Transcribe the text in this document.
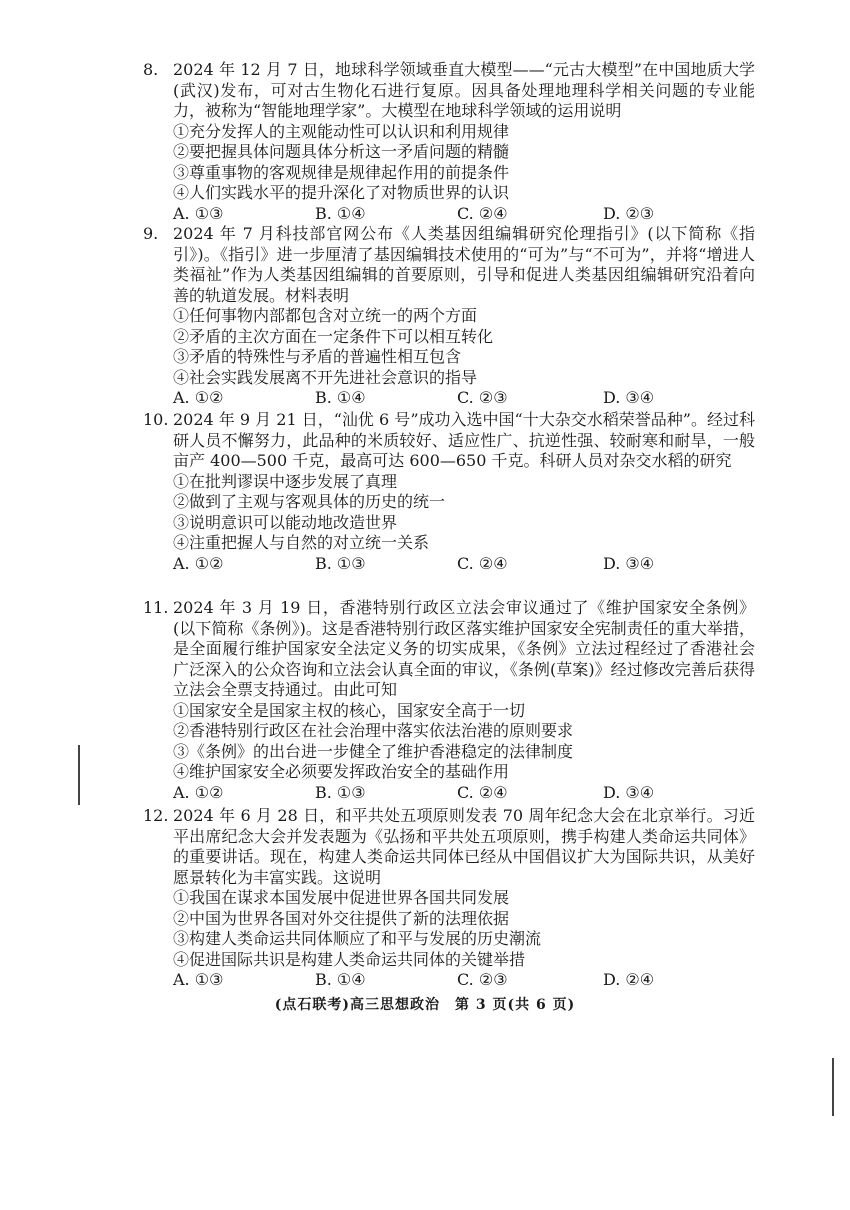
8. 2024 年 12 月 7 日，地球科学领域垂直大模型——“元古大模型”在中国地质大学(武汉)发布，可对古生物化石进行复原。因具备处理地理科学相关问题的专业能力，被称为“智能地理学家”。大模型在地球科学领域的运用说明
①充分发挥人的主观能动性可以认识和利用规律
②要把握具体问题具体分析这一矛盾问题的精髓
③尊重事物的客观规律是规律起作用的前提条件
④人们实践水平的提升深化了对物质世界的认识
A. ①③	B. ①④	C. ②④	D. ②③
9. 2024 年 7 月科技部官网公布《人类基因组编辑研究伦理指引》(以下简称《指引》)。《指引》进一步厘清了基因编辑技术使用的“可为”与“不可为”，并将“增进人类福祉”作为人类基因组编辑的首要原则，引导和促进人类基因组编辑研究沿着向善的轨道发展。材料表明
①任何事物内部都包含对立统一的两个方面
②矛盾的主次方面在一定条件下可以相互转化
③矛盾的特殊性与矛盾的普遍性相互包含
④社会实践发展离不开先进社会意识的指导
A. ①②	B. ①④	C. ②③	D. ③④
10. 2024 年 9 月 21 日，“汕优 6 号”成功入选中国“十大杂交水稻荣誉品种”。经过科研人员不懈努力，此品种的米质较好、适应性广、抗逆性强、较耐寒和耐旱，一般亩产 400—500 千克，最高可达 600—650 千克。科研人员对杂交水稻的研究
①在批判谬误中逐步发展了真理
②做到了主观与客观具体的历史的统一
③说明意识可以能动地改造世界
④注重把握人与自然的对立统一关系
A. ①②	B. ①③	C. ②④	D. ③④
11. 2024 年 3 月 19 日，香港特别行政区立法会审议通过了《维护国家安全条例》(以下简称《条例》)。这是香港特别行政区落实维护国家安全宪制责任的重大举措，是全面履行维护国家安全法定义务的切实成果，《条例》立法过程经过了香港社会广泛深入的公众咨询和立法会认真全面的审议，《条例(草案)》经过修改完善后获得立法会全票支持通过。由此可知
①国家安全是国家主权的核心，国家安全高于一切
②香港特别行政区在社会治理中落实依法治港的原则要求
③《条例》的出台进一步健全了维护香港稳定的法律制度
④维护国家安全必须要发挥政治安全的基础作用
A. ①②	B. ①③	C. ②④	D. ③④
12. 2024 年 6 月 28 日，和平共处五项原则发表 70 周年纪念大会在北京举行。习近平出席纪念大会并发表题为《弘扬和平共处五项原则，携手构建人类命运共同体》的重要讲话。现在，构建人类命运共同体已经从中国倡议扩大为国际共识，从美好愿景转化为丰富实践。这说明
①我国在谋求本国发展中促进世界各国共同发展
②中国为世界各国对外交往提供了新的法理依据
③构建人类命运共同体顺应了和平与发展的历史潮流
④促进国际共识是构建人类命运共同体的关键举措
A. ①③	B. ①④	C. ②③	D. ②④
(点石联考)高三思想政治　第 3 页(共 6 页)
